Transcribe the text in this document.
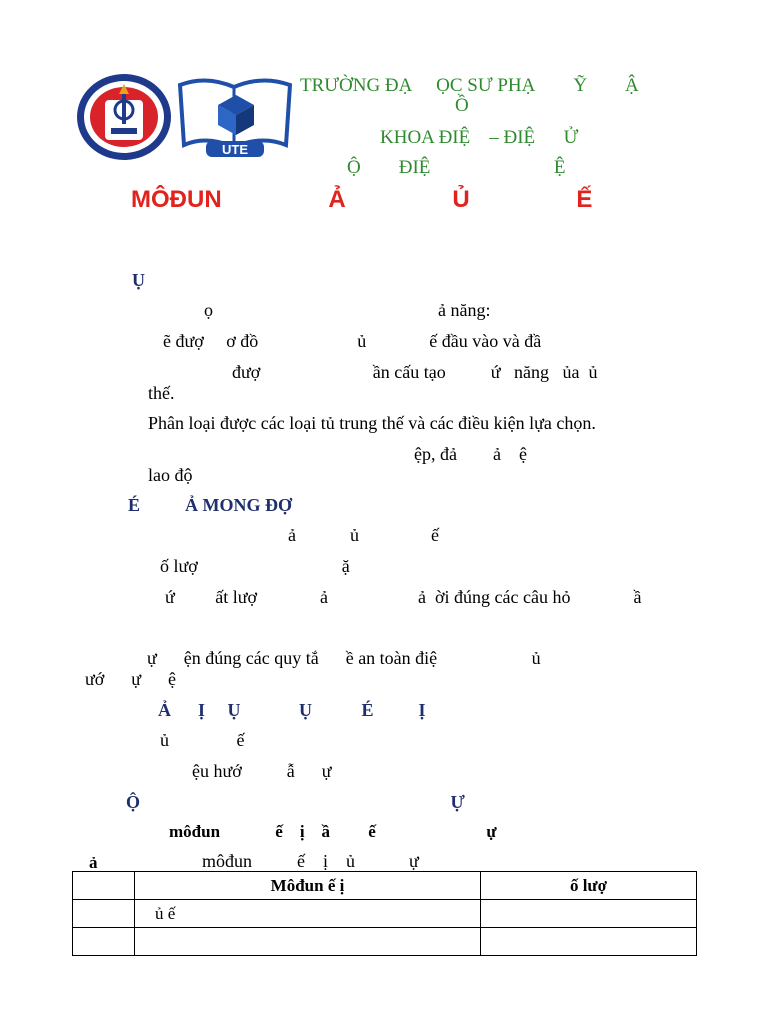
UTE
TRƯỜNG ĐẠ     ỌC SƯ PHẠ        Ỹ        Ậ
Ồ
KHOA ĐIỆ    – ĐIỆ      Ử
Ộ        ĐIỆ                          Ệ
MÔĐUN                Ả                Ủ                Ế
Ụ
ọ                                                  ả năng:
ẽ đượ     ơ đồ                      ủ              ế đầu vào và đầ
đượ                         ần cấu tạo          ứ   năng   ủa  ủ
thế.
Phân loại được các loại tủ trung thế và các điều kiện lựa chọn.
ệp, đả        ả    ệ
lao độ
É          Ả MONG ĐỢ
ả            ủ                ế
ố lượ                                ặ
ứ         ất lượ              ả                    ả  ời đúng các câu hỏ              ầ
ự      ện đúng các quy tắ      ề an toàn điệ                     ủ
ướ      ự      ệ
Ả      Ị     Ụ             Ụ           É          Ị
ủ               ế
ệu hướ          ẫ      ự
Ộ                                                                     Ự
môđun             ế    ị    ầ         ế                          ự
ả	môđun          ế    ị    ủ            ự
	Môđun ế ị	ố lượ
	ủ ế	
